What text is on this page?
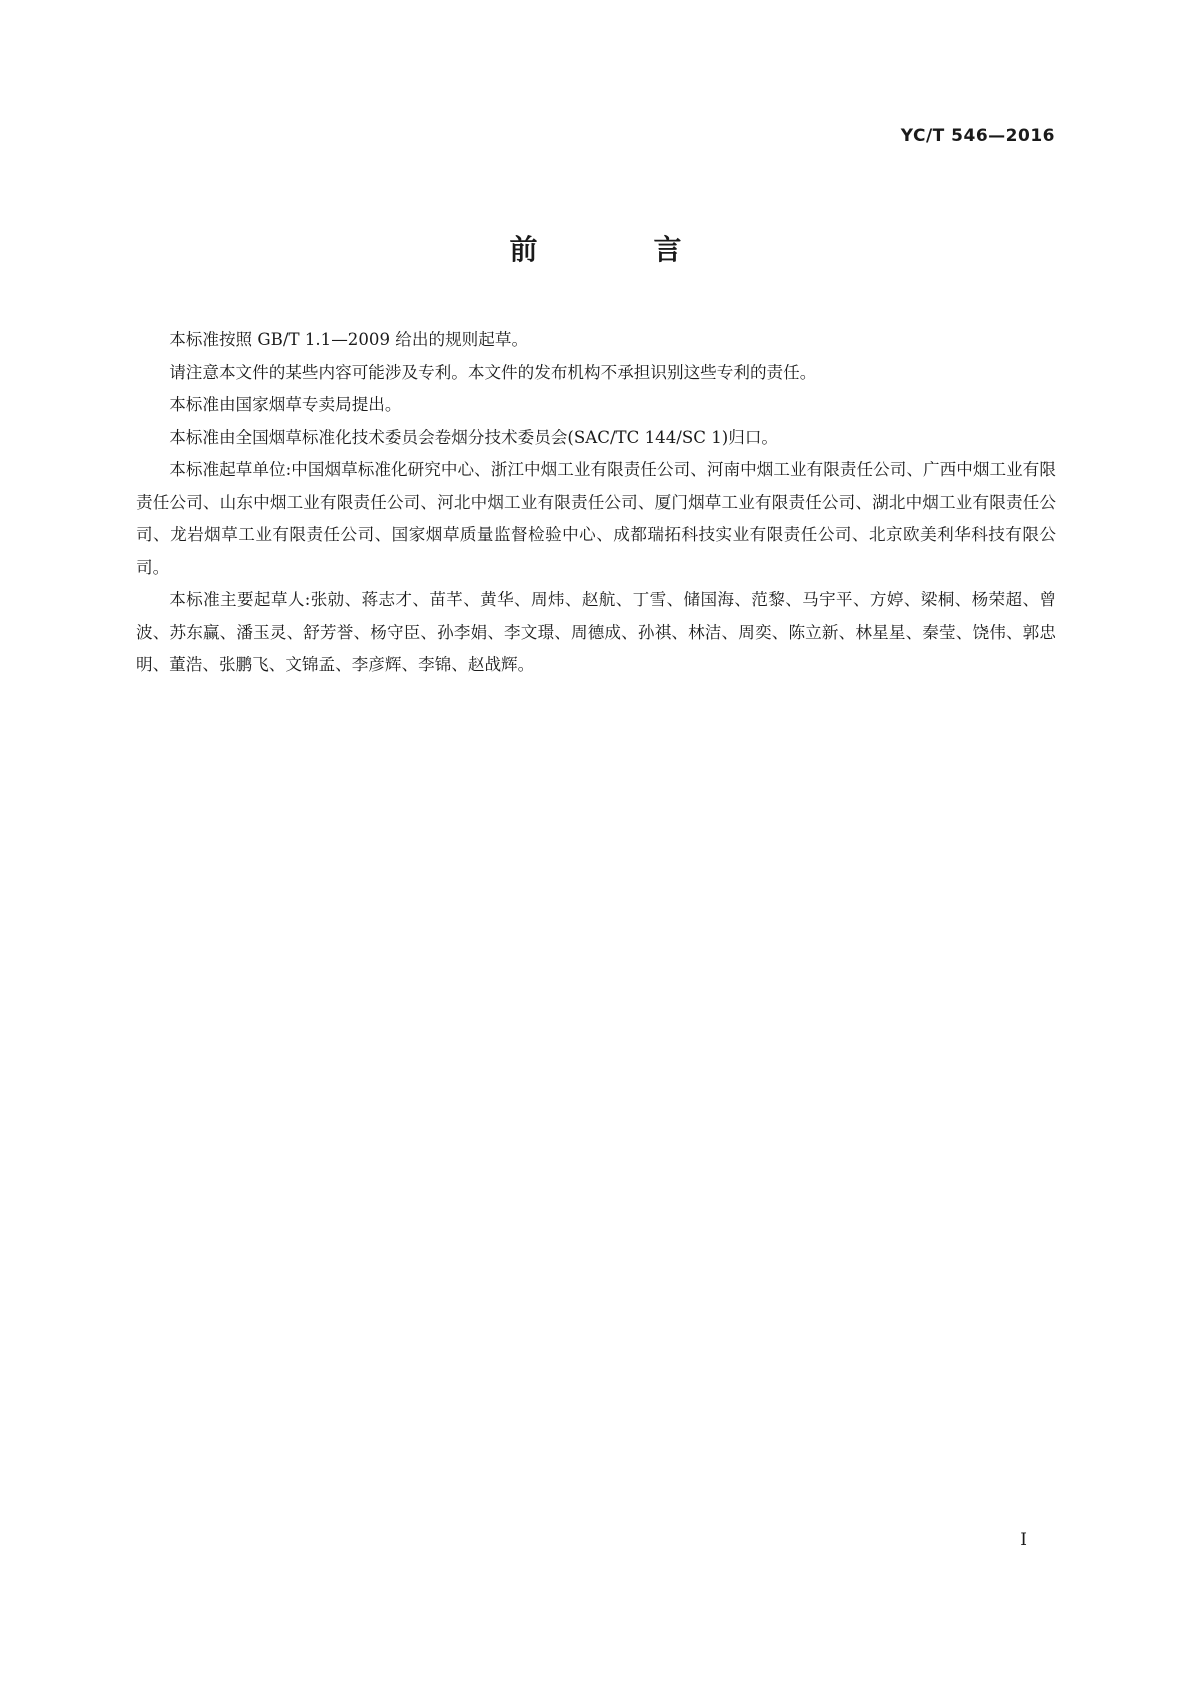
YC/T 546—2016
前　言

本标准按照 GB/T 1.1—2009 给出的规则起草。

请注意本文件的某些内容可能涉及专利。本文件的发布机构不承担识别这些专利的责任。

本标准由国家烟草专卖局提出。

本标准由全国烟草标准化技术委员会卷烟分技术委员会(SAC/TC 144/SC 1)归口。

本标准起草单位:中国烟草标准化研究中心、浙江中烟工业有限责任公司、河南中烟工业有限责任公司、广西中烟工业有限责任公司、山东中烟工业有限责任公司、河北中烟工业有限责任公司、厦门烟草工业有限责任公司、湖北中烟工业有限责任公司、龙岩烟草工业有限责任公司、国家烟草质量监督检验中心、成都瑞拓科技实业有限责任公司、北京欧美利华科技有限公司。

本标准主要起草人:张勍、蒋志才、苗芊、黄华、周炜、赵航、丁雪、储国海、范黎、马宇平、方婷、梁桐、杨荣超、曾波、苏东赢、潘玉灵、舒芳誉、杨守臣、孙李娟、李文璟、周德成、孙祺、林洁、周奕、陈立新、林星星、秦莹、饶伟、郭忠明、董浩、张鹏飞、文锦孟、李彦辉、李锦、赵战辉。

I
